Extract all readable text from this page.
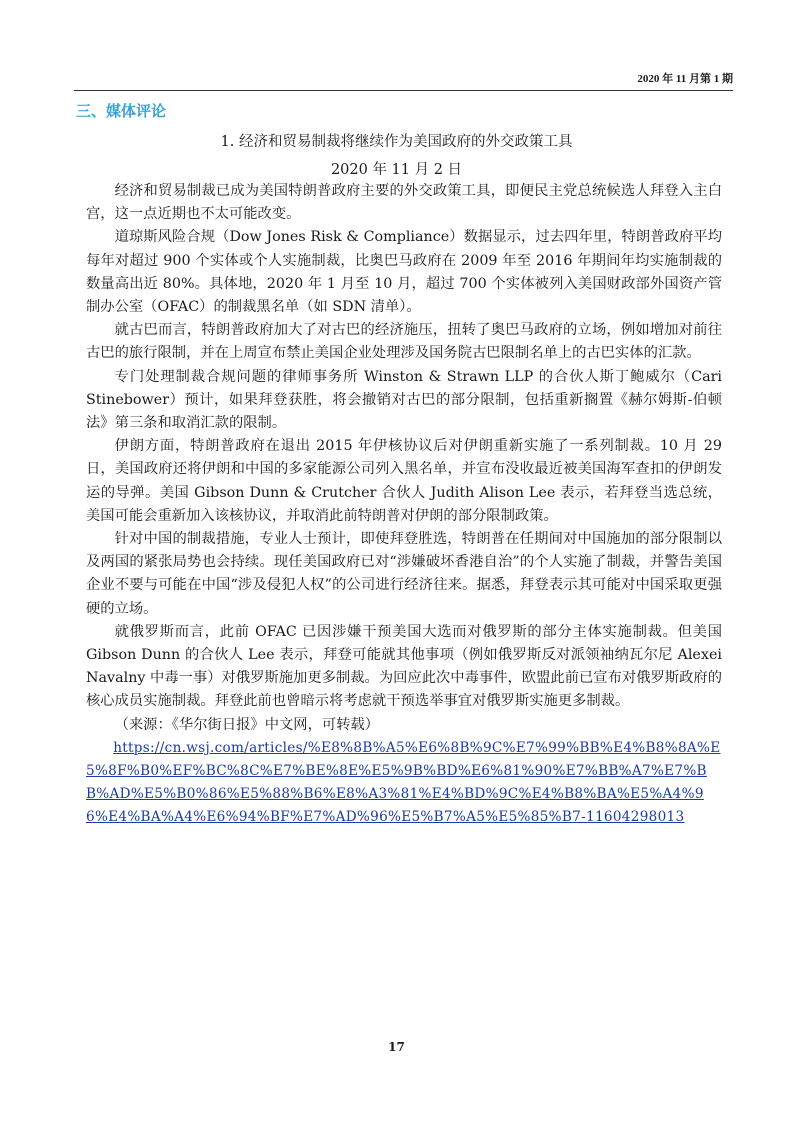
2020 年 11 月第 1 期
三、媒体评论
1. 经济和贸易制裁将继续作为美国政府的外交政策工具
2020 年 11 月 2 日

经济和贸易制裁已成为美国特朗普政府主要的外交政策工具，即便民主党总统候选人拜登入主白宫，这一点近期也不太可能改变。

道琼斯风险合规（Dow Jones Risk & Compliance）数据显示，过去四年里，特朗普政府平均每年对超过 900 个实体或个人实施制裁，比奥巴马政府在 2009 年至 2016 年期间年均实施制裁的数量高出近 80%。具体地，2020 年 1 月至 10 月，超过 700 个实体被列入美国财政部外国资产管制办公室（OFAC）的制裁黑名单（如 SDN 清单）。

就古巴而言，特朗普政府加大了对古巴的经济施压，扭转了奥巴马政府的立场，例如增加对前往古巴的旅行限制，并在上周宣布禁止美国企业处理涉及国务院古巴限制名单上的古巴实体的汇款。

专门处理制裁合规问题的律师事务所 Winston & Strawn LLP 的合伙人斯丁鲍威尔（Cari Stinebower）预计，如果拜登获胜，将会撤销对古巴的部分限制，包括重新搁置《赫尔姆斯-伯顿法》第三条和取消汇款的限制。

伊朗方面，特朗普政府在退出 2015 年伊核协议后对伊朗重新实施了一系列制裁。10 月 29 日，美国政府还将伊朗和中国的多家能源公司列入黑名单，并宣布没收最近被美国海军查扣的伊朗发运的导弹。美国 Gibson Dunn & Crutcher 合伙人 Judith Alison Lee 表示，若拜登当选总统，美国可能会重新加入该核协议，并取消此前特朗普对伊朗的部分限制政策。

针对中国的制裁措施，专业人士预计，即使拜登胜选，特朗普在任期间对中国施加的部分限制以及两国的紧张局势也会持续。现任美国政府已对“涉嫌破坏香港自治”的个人实施了制裁，并警告美国企业不要与可能在中国“涉及侵犯人权”的公司进行经济往来。据悉，拜登表示其可能对中国采取更强硬的立场。

就俄罗斯而言，此前 OFAC 已因涉嫌干预美国大选而对俄罗斯的部分主体实施制裁。但美国 Gibson Dunn 的合伙人 Lee 表示，拜登可能就其他事项（例如俄罗斯反对派领袖纳瓦尔尼 Alexei Navalny 中毒一事）对俄罗斯施加更多制裁。为回应此次中毒事件，欧盟此前已宣布对俄罗斯政府的核心成员实施制裁。拜登此前也曾暗示将考虑就干预选举事宜对俄罗斯实施更多制裁。

（来源：《华尔街日报》中文网，可转载）

https://cn.wsj.com/articles/%E8%8B%A5%E6%8B%9C%E7%99%BB%E4%B8%8A%E5%8F%B0%EF%BC%8C%E7%BE%8E%E5%9B%BD%E6%81%90%E7%BB%A7%E7%BB%AD%E5%B0%86%E5%88%B6%E8%A3%81%E4%BD%9C%E4%B8%BA%E5%A4%96%E4%BA%A4%E6%94%BF%E7%AD%96%E5%B7%A5%E5%85%B7-11604298013
17
